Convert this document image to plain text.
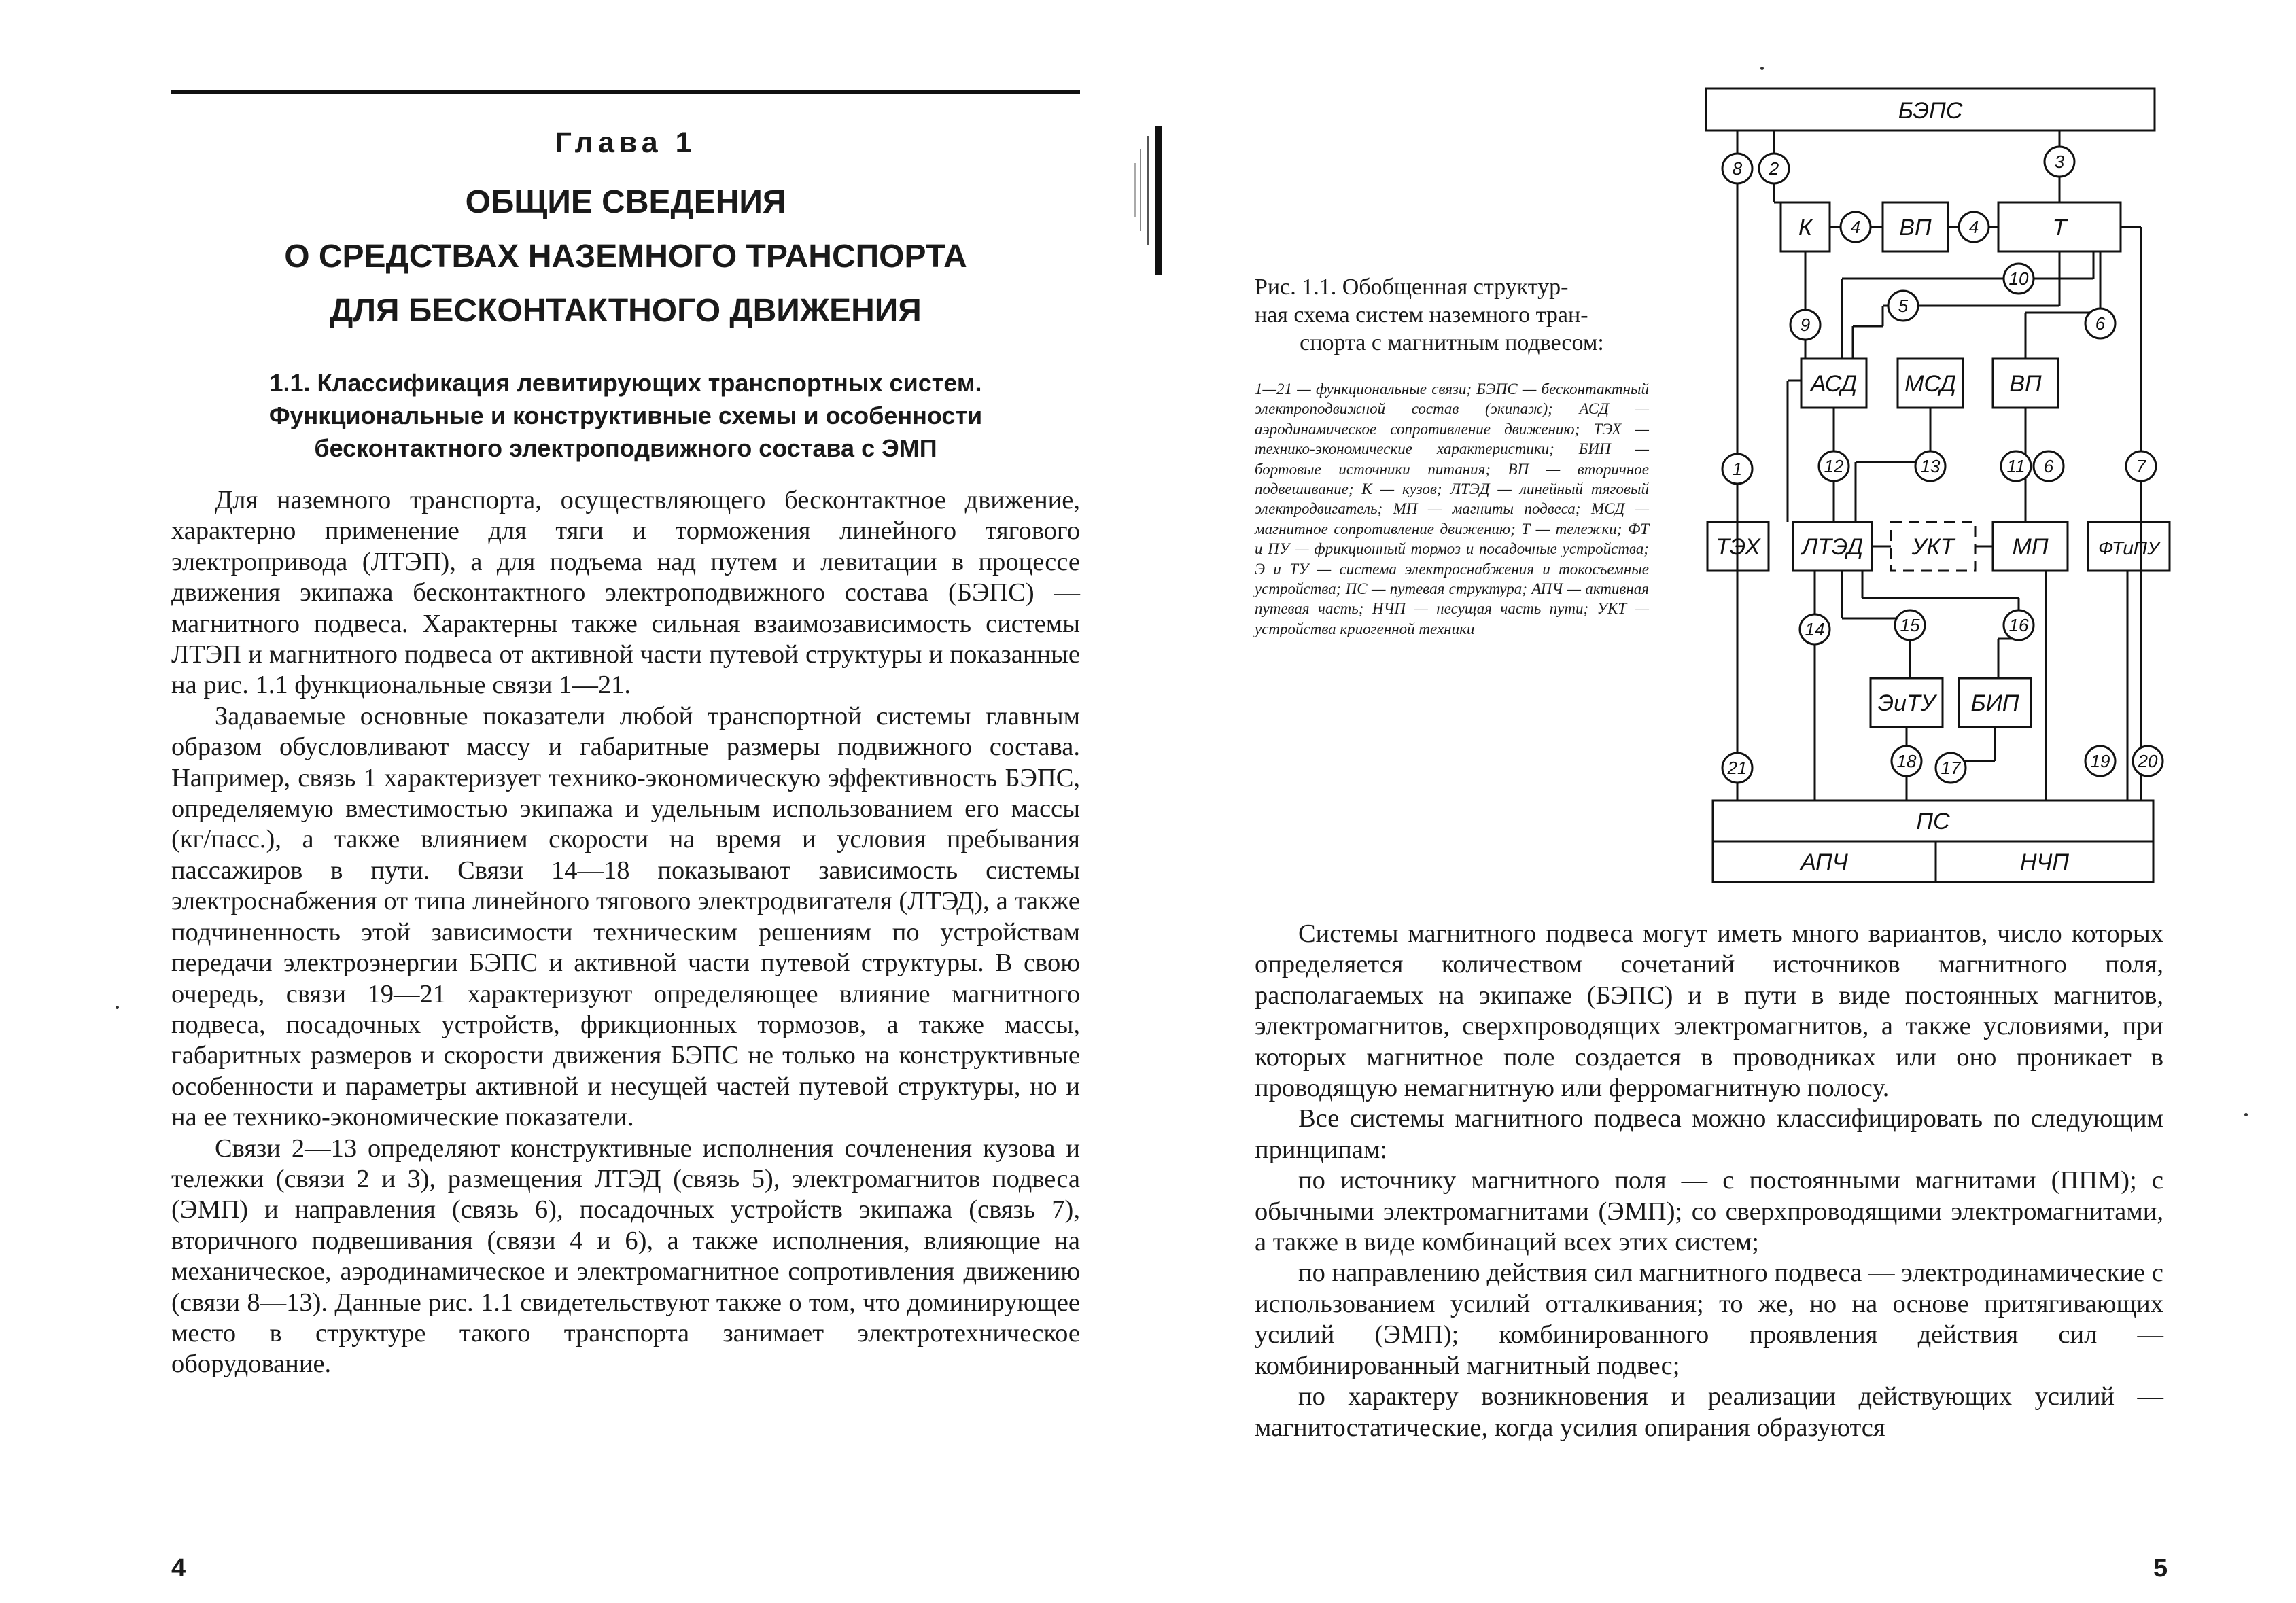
Глава 1
ОБЩИЕ СВЕДЕНИЯ
О СРЕДСТВАХ НАЗЕМНОГО ТРАНСПОРТА
ДЛЯ БЕСКОНТАКТНОГО ДВИЖЕНИЯ
1.1. Классификация левитирующих транспортных систем.
Функциональные и конструктивные схемы и особенности
бесконтактного электроподвижного состава с ЭМП

Для наземного транспорта, осуществляющего бесконтактное движение, характерно применение для тяги и торможения линейного тягового электропривода (ЛТЭП), а для подъема над путем и левитации в процессе движения экипажа бесконтактного электроподвижного состава (БЭПС) — магнитного подвеса. Характерны также сильная взаимозависимость системы ЛТЭП и магнитного подвеса от активной части путевой структуры и показанные на рис. 1.1 функциональные связи 1—21.

Задаваемые основные показатели любой транспортной системы главным образом обусловливают массу и габаритные размеры подвижного состава. Например, связь 1 характеризует технико-экономическую эффективность БЭПС, определяемую вместимостью экипажа и удельным использованием его массы (кг/пасс.), а также влиянием скорости на время и условия пребывания пассажиров в пути. Связи 14—18 показывают зависимость системы электроснабжения от типа линейного тягового электродвигателя (ЛТЭД), а также подчиненность этой зависимости техническим решениям по устройствам передачи электроэнергии БЭПС и активной части путевой структуры. В свою очередь, связи 19—21 характеризуют определяющее влияние магнитного подвеса, посадочных устройств, фрикционных тормозов, а также массы, габаритных размеров и скорости движения БЭПС не только на конструктивные особенности и параметры активной и несущей частей путевой структуры, но и на ее технико-экономические показатели.

Связи 2—13 определяют конструктивные исполнения сочленения кузова и тележки (связи 2 и 3), размещения ЛТЭД (связь 5), электромагнитов подвеса (ЭМП) и направления (связь 6), посадочных устройств экипажа (связь 7), вторичного подвешивания (связи 4 и 6), а также исполнения, влияющие на механическое, аэродинамическое и электромагнитное сопротивления движению (связи 8—13). Данные рис. 1.1 свидетельствуют также о том, что доминирующее место в структуре такого транспорта занимает электротехническое оборудование.

4
Рис. 1.1. Обобщенная структур-
ная схема систем наземного тран-
спорта с магнитным подвесом:
1—21 — функциональные связи; БЭПС — бесконтактный электроподвижной состав (экипаж); АСД — аэродинамическое сопротивление движению; ТЭХ — технико-экономические характеристики; БИП — бортовые источники питания; ВП — вторичное подвешивание; К — кузов; ЛТЭД — линейный тяговый электродвигатель; МП — магниты подвеса; МСД — магнитное сопротивление движению; Т — тележки; ФТ и ПУ — фрикционный тормоз и посадочные устройства; Э и ТУ — система электроснабжения и токосъемные устройства; ПС — путевая структура; АПЧ — активная путевая часть; НЧП — несущая часть пути; УКТ — устройства криогенной техники
БЭПС
К	ВП	Т
АСД МСД ВП
ТЭХ ЛТЭД УКТ	МП	ФТиПУ
ЭиТУ БИП
ПС
АПЧ	НЧП
8 2	3
4	4
10
9
5
6
1	12	13	11 6	7
14	15	16
21	18 17	19 20

Системы магнитного подвеса могут иметь много вариантов, число которых определяется количеством сочетаний источников магнитного поля, располагаемых на экипаже (БЭПС) и в пути в виде постоянных магнитов, электромагнитов, сверхпроводящих электромагнитов, а также условиями, при которых магнитное поле создается в проводниках или оно проникает в проводящую немагнитную или ферромагнитную полосу.

Все системы магнитного подвеса можно классифицировать по следующим принципам:

по источнику магнитного поля — с постоянными магнитами (ППМ); с обычными электромагнитами (ЭМП); со сверхпроводящими электромагнитами, а также в виде комбинаций всех этих систем;

по направлению действия сил магнитного подвеса — электродинамические с использованием усилий отталкивания; то же, но на основе притягивающих усилий (ЭМП); комбинированного проявления действия сил — комбинированный магнитный подвес;

по характеру возникновения и реализации действующих усилий — магнитостатические, когда усилия опирания образуются

5
